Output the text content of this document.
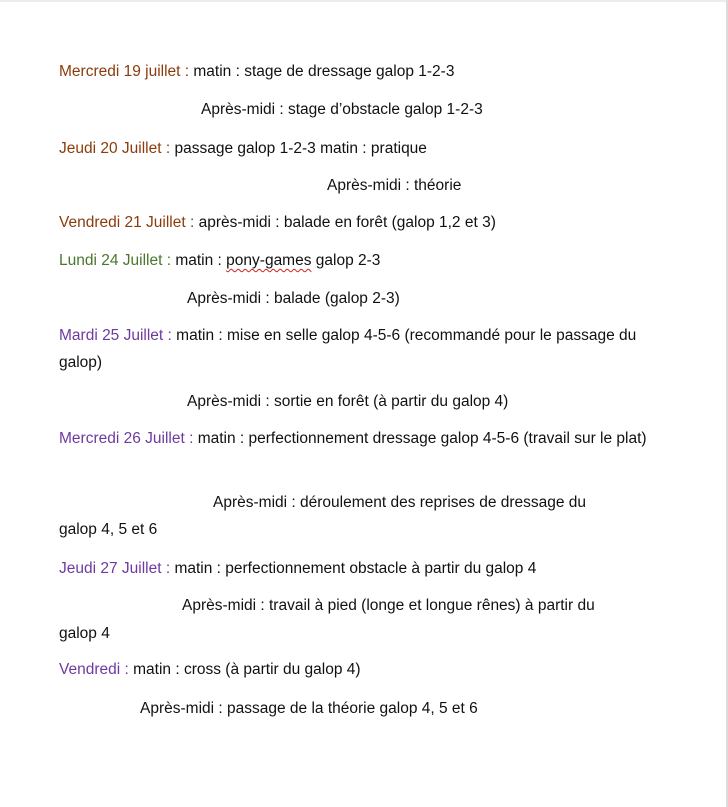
Mercredi 19 juillet : matin : stage de dressage galop 1-2-3
Après-midi : stage d’obstacle galop 1-2-3
Jeudi 20 Juillet : passage galop 1-2-3 matin : pratique
Après-midi : théorie
Vendredi 21 Juillet : après-midi : balade en forêt (galop 1,2 et 3)
Lundi 24 Juillet : matin : pony-games galop 2-3
Après-midi : balade (galop 2-3)
Mardi 25 Juillet : matin : mise en selle galop 4-5-6 (recommandé pour le passage du galop)
Après-midi : sortie en forêt (à partir du galop 4)
Mercredi 26 Juillet : matin : perfectionnement dressage galop 4-5-6 (travail sur le plat)
Après-midi : déroulement des reprises de dressage du
galop 4, 5 et 6
Jeudi 27 Juillet : matin : perfectionnement obstacle à partir du galop 4
Après-midi : travail à pied (longe et longue rênes) à partir du
galop 4
Vendredi : matin : cross (à partir du galop 4)
Après-midi : passage de la théorie galop 4, 5 et 6
